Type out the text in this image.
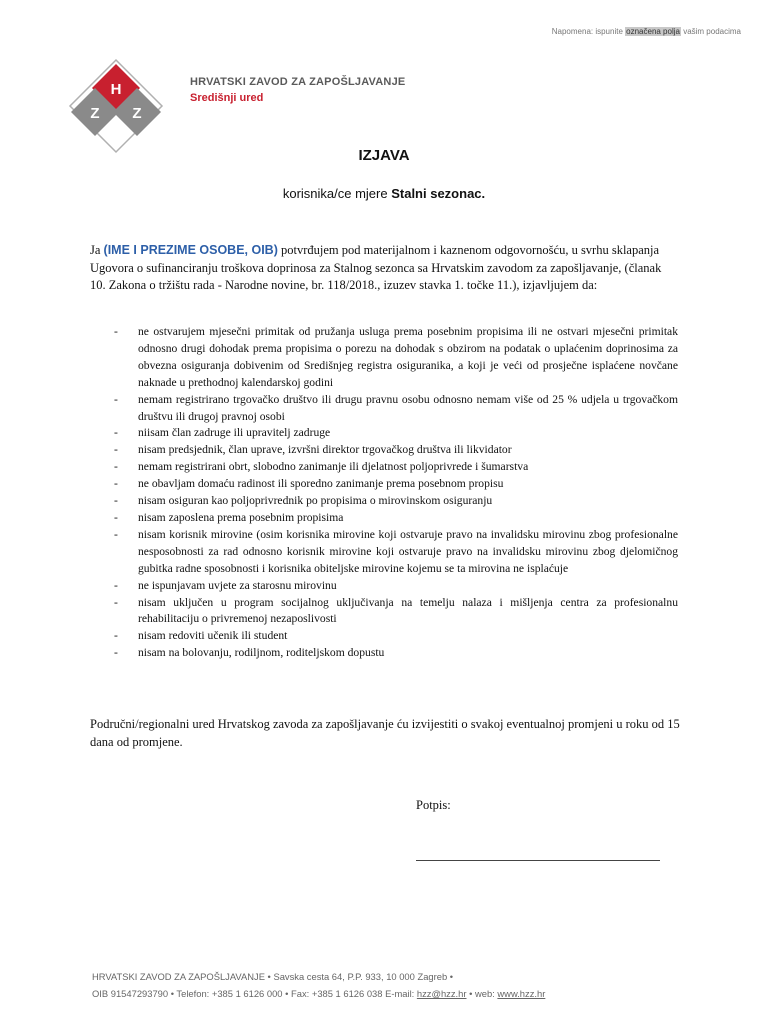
Napomena: ispunite označena polja vašim podacima
H
Z Z
HRVATSKI ZAVOD ZA ZAPOŠLJAVANJE
Središnji ured
IZJAVA
korisnika/ce mjere Stalni sezonac.
Ja (IME I PREZIME OSOBE, OIB) potvrđujem pod materijalnom i kaznenom odgovornošću, u svrhu sklapanja Ugovora o sufinanciranju troškova doprinosa za Stalnog sezonca sa Hrvatskim zavodom za zapošljavanje, (članak 10. Zakona o tržištu rada - Narodne novine, br. 118/2018., izuzev stavka 1. točke 11.), izjavljujem da:
- ne ostvarujem mjesečni primitak od pružanja usluga prema posebnim propisima ili ne ostvari mjesečni primitak odnosno drugi dohodak prema propisima o porezu na dohodak s obzirom na podatak o uplaćenim doprinosima za obvezna osiguranja dobivenim od Središnjeg registra osiguranika, a koji je veći od prosječne isplaćene novčane naknade u prethodnoj kalendarskoj godini
- nemam registrirano trgovačko društvo ili drugu pravnu osobu odnosno nemam više od 25 % udjela u trgovačkom društvu ili drugoj pravnoj osobi
- niisam član zadruge ili upravitelj zadruge
- nisam predsjednik, član uprave, izvršni direktor trgovačkog društva ili likvidator
- nemam registrirani obrt, slobodno zanimanje ili djelatnost poljoprivrede i šumarstva
- ne obavljam domaću radinost ili sporedno zanimanje prema posebnom propisu
- nisam osiguran kao poljoprivrednik po propisima o mirovinskom osiguranju
- nisam zaposlena prema posebnim propisima
- nisam korisnik mirovine (osim korisnika mirovine koji ostvaruje pravo na invalidsku mirovinu zbog profesionalne nesposobnosti za rad odnosno korisnik mirovine koji ostvaruje pravo na invalidsku mirovinu zbog djelomičnog gubitka radne sposobnosti i korisnika obiteljske mirovine kojemu se ta mirovina ne isplaćuje
- ne ispunjavam uvjete za starosnu mirovinu
- nisam uključen u program socijalnog uključivanja na temelju nalaza i mišljenja centra za profesionalnu rehabilitaciju o privremenoj nezaposlivosti
- nisam redoviti učenik ili student
- nisam na bolovanju, rodiljnom, roditeljskom dopustu
Područni/regionalni ured Hrvatskog zavoda za zapošljavanje ću izvijestiti o svakoj eventualnoj promjeni u roku od 15 dana od promjene.
Potpis:
HRVATSKI ZAVOD ZA ZAPOŠLJAVANJE • Savska cesta 64, P.P. 933, 10 000 Zagreb •
OIB 91547293790 • Telefon: +385 1 6126 000 • Fax: +385 1 6126 038 E-mail: hzz@hzz.hr • web: www.hzz.hr
